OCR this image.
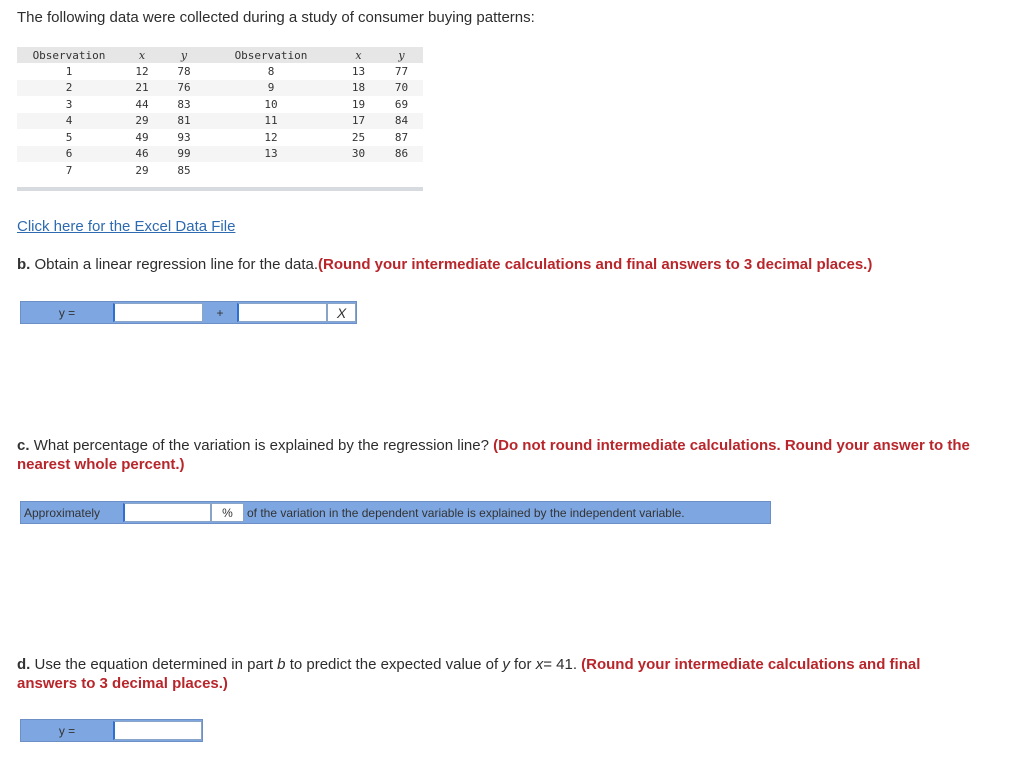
The following data were collected during a study of consumer buying patterns:
Observation	x	y	Observation	x	y
1	12	78	8	13	77
2	21	76	9	18	70
3	44	83	10	19	69
4	29	81	11	17	84
5	49	93	12	25	87
6	46	99	13	30	86
7	29	85			
Click here for the Excel Data File
b. Obtain a linear regression line for the data.(Round your intermediate calculations and final answers to 3 decimal places.)
y =	+	X
c. What percentage of the variation is explained by the regression line? (Do not round intermediate calculations. Round your answer to the nearest whole percent.)
Approximately	%	of the variation in the dependent variable is explained by the independent variable.
d. Use the equation determined in part b to predict the expected value of y for x= 41. (Round your intermediate calculations and final answers to 3 decimal places.)
y =
